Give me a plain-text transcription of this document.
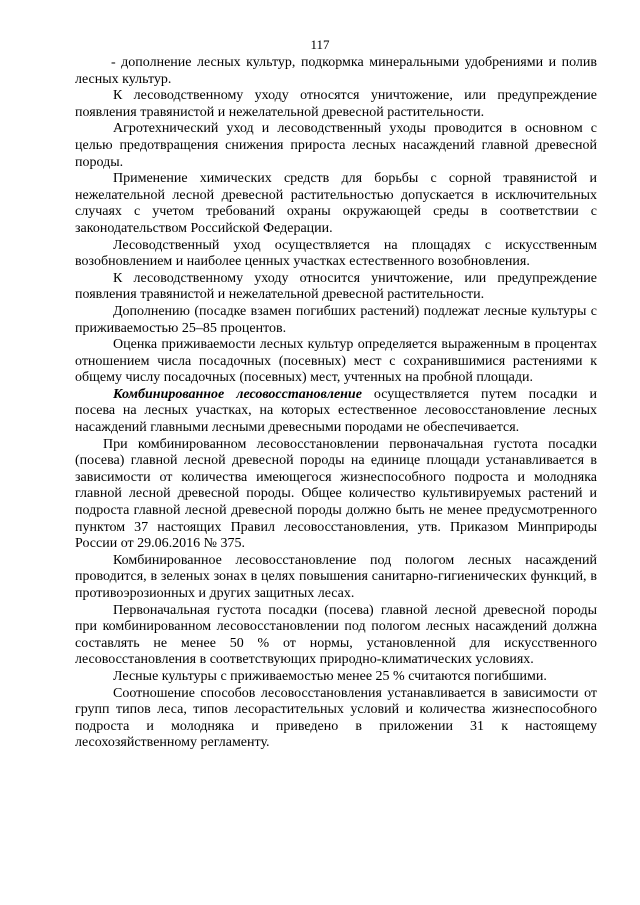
117

- дополнение лесных культур, подкормка минеральными удобрениями и полив лесных культур.

К лесоводственному уходу относятся уничтожение, или предупреждение появления травянистой и нежелательной древесной растительности.

Агротехнический уход и лесоводственный уходы проводится в основном с целью предотвращения снижения прироста лесных насаждений главной древесной породы.

Применение химических средств для борьбы с сорной травянистой и нежелательной лесной древесной растительностью допускается в исключительных случаях с учетом требований охраны окружающей среды в соответствии с законодательством Российской Федерации.

Лесоводственный уход осуществляется на площадях с искусственным возобновлением и наиболее ценных участках естественного возобновления.

К лесоводственному уходу относится уничтожение, или предупреждение появления травянистой и нежелательной древесной растительности.

Дополнению (посадке взамен погибших растений) подлежат лесные культуры с приживаемостью 25–85 процентов.

Оценка приживаемости лесных культур определяется выраженным в процентах отношением числа посадочных (посевных) мест с сохранившимися растениями к общему числу посадочных (посевных) мест, учтенных на пробной площади.

Комбинированное лесовосстановление осуществляется путем посадки и посева на лесных участках, на которых естественное лесовосстановление лесных насаждений главными лесными древесными породами не обеспечивается.

При комбинированном лесовосстановлении первоначальная густота посадки (посева) главной лесной древесной породы на единице площади устанавливается в зависимости от количества имеющегося жизнеспособного подроста и молодняка главной лесной древесной породы. Общее количество культивируемых растений и подроста главной лесной древесной породы должно быть не менее предусмотренного пунктом 37 настоящих Правил лесовосстановления, утв. Приказом Минприроды России от 29.06.2016 № 375.

Комбинированное лесовосстановление под пологом лесных насаждений проводится, в зеленых зонах в целях повышения санитарно-гигиенических функций, в противоэрозионных и других защитных лесах.

Первоначальная густота посадки (посева) главной лесной древесной породы при комбинированном лесовосстановлении под пологом лесных насаждений должна составлять не менее 50 % от нормы, установленной для искусственного лесовосстановления в соответствующих природно-климатических условиях.

Лесные культуры с приживаемостью менее 25 % считаются погибшими.

Соотношение способов лесовосстановления устанавливается в зависимости от групп типов леса, типов лесорастительных условий и количества жизнеспособного подроста и молодняка и приведено в приложении 31 к настоящему лесохозяйственному регламенту.
